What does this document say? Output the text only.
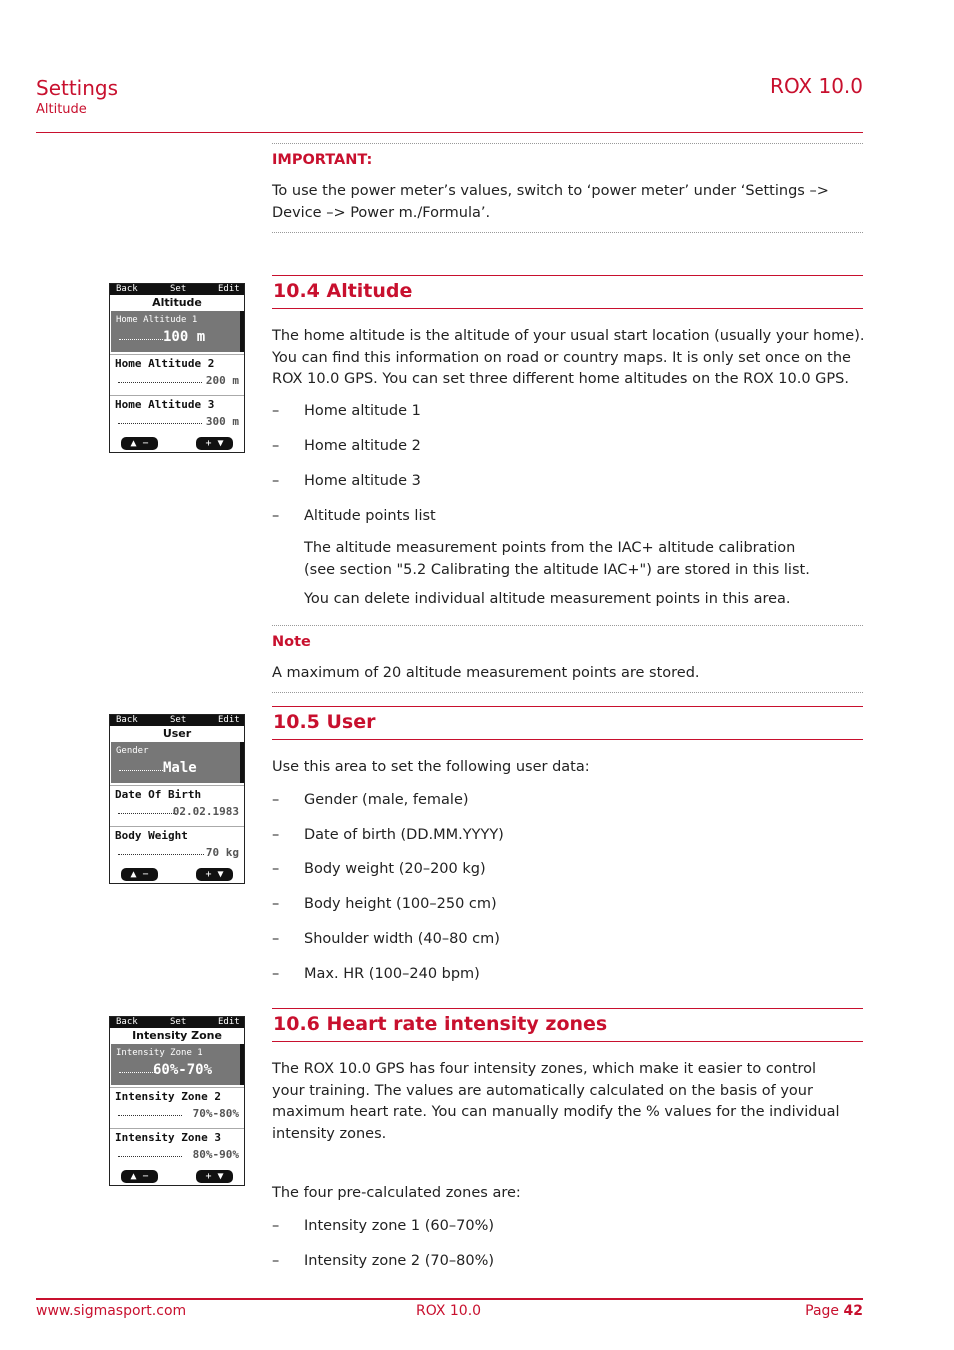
Settings
Altitude
ROX 10.0
IMPORTANT:
To use the power meter’s values, switch to ‘power meter’ under ‘Settings –> Device –> Power m./Formula’.
Back	Set	Edit
Altitude
Home Altitude 1
100 m
Home Altitude 2
200 m
Home Altitude 3
300 m
▲ −	+ ▼
10.4 Altitude
The home altitude is the altitude of your usual start location (usually your home). You can find this information on road or country maps. It is only set once on the ROX 10.0 GPS. You can set three different home altitudes on the ROX 10.0 GPS.
– Home altitude 1
– Home altitude 2
– Home altitude 3
– Altitude points list
The altitude measurement points from the IAC+ altitude calibration (see section "5.2 Calibrating the altitude IAC+") are stored in this list.
You can delete individual altitude measurement points in this area.
Note
A maximum of 20 altitude measurement points are stored.
Back	Set	Edit
User
Gender
Male
Date Of Birth
02.02.1983
Body Weight
70 kg
▲ −	+ ▼
10.5 User
Use this area to set the following user data:
– Gender (male, female)
– Date of birth (DD.MM.YYYY)
– Body weight (20–200 kg)
– Body height (100–250 cm)
– Shoulder width (40–80 cm)
– Max. HR (100–240 bpm)
Back	Set	Edit
Intensity Zone
Intensity Zone 1
60%-70%
Intensity Zone 2
70%-80%
Intensity Zone 3
80%-90%
▲ −	+ ▼
10.6 Heart rate intensity zones
The ROX 10.0 GPS has four intensity zones, which make it easier to control your training. The values are automatically calculated on the basis of your maximum heart rate. You can manually modify the % values for the individual intensity zones.
The four pre-calculated zones are:
– Intensity zone 1 (60–70%)
– Intensity zone 2 (70–80%)
www.sigmasport.com	ROX 10.0	Page 42
